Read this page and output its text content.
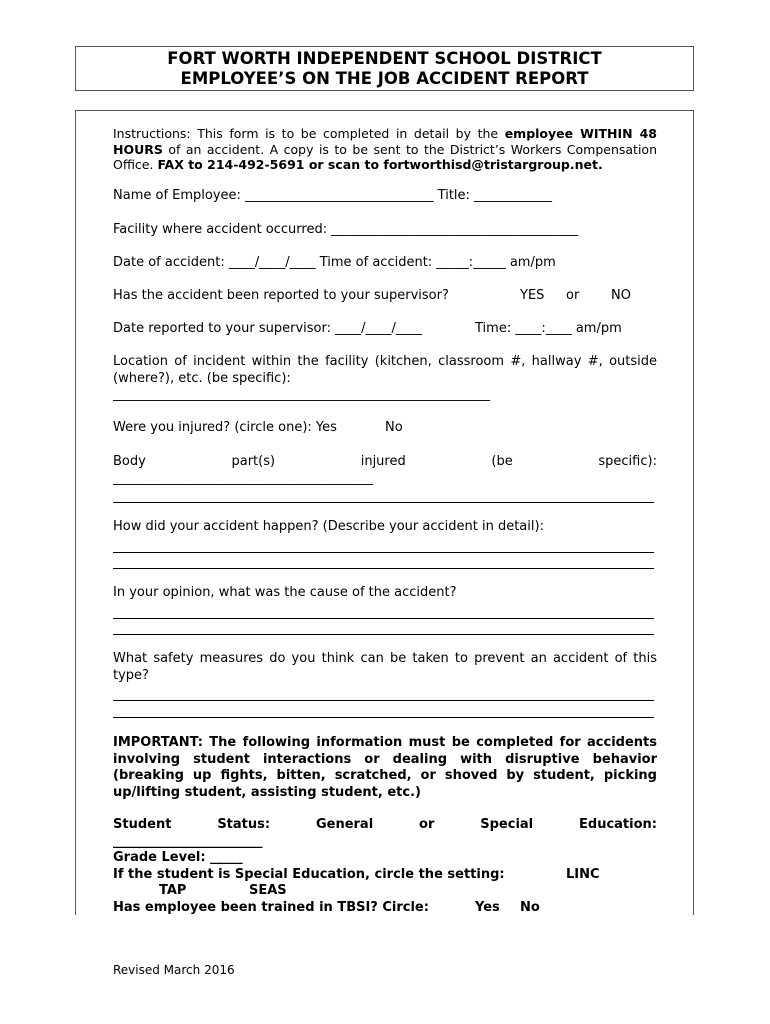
FORT WORTH INDEPENDENT SCHOOL DISTRICT
EMPLOYEE’S ON THE JOB ACCIDENT REPORT
Instructions: This form is to be completed in detail by the employee WITHIN 48 HOURS of an accident. A copy is to be sent to the District’s Workers Compensation Office. FAX to 214-492-5691 or scan to fortworthisd@tristargroup.net.
Name of Employee: _____________________________ Title: ____________
Facility where accident occurred: ______________________________________
Date of accident: ____/____/____ Time of accident: _____:_____ am/pm
Has the accident been reported to your supervisor?	YES or NO
Date reported to your supervisor: ____/____/____	Time: ____:____ am/pm
Location of incident within the facility (kitchen, classroom #, hallway #, outside (where?), etc. (be specific):
__________________________________________________________
Were you injured? (circle one): Yes	No
Body	part(s)	injured	(be	specific):
________________________________________
How did your accident happen? (Describe your accident in detail):
In your opinion, what was the cause of the accident?
What safety measures do you think can be taken to prevent an accident of this type?
IMPORTANT: The following information must be completed for accidents involving student interactions or dealing with disruptive behavior (breaking up fights, bitten, scratched, or shoved by student, picking up/lifting student, assisting student, etc.)
Student	Status:	General	or	Special	Education:
_______________________
Grade Level: _____
If the student is Special Education, circle the setting:	LINC
TAP	SEAS
Has employee been trained in TBSI? Circle:	Yes No
Revised March 2016
